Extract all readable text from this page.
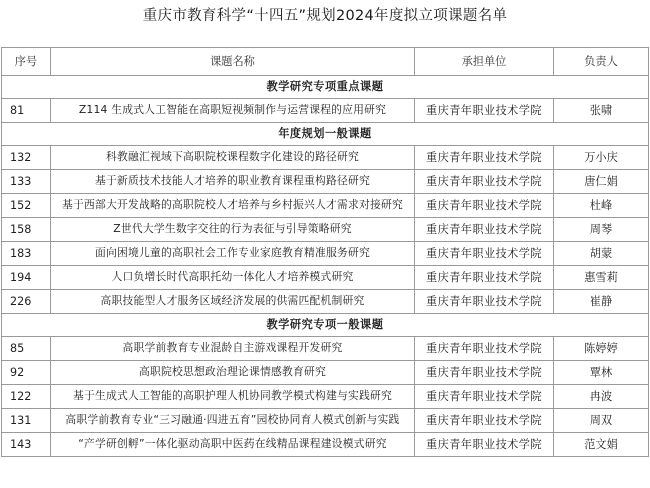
重庆市教育科学“十四五”规划2024年度拟立项课题名单
序号	课题名称	承担单位	负责人
教学研究专项重点课题			
81	Z114 生成式人工智能在高职短视频制作与运营课程的应用研究	重庆青年职业技术学院	张啸
年度规划一般课题			
132	科教融汇视域下高职院校课程数字化建设的路径研究	重庆青年职业技术学院	万小庆
133	基于新质技术技能人才培养的职业教育课程重构路径研究	重庆青年职业技术学院	唐仁娟
152	基于西部大开发战略的高职院校人才培养与乡村振兴人才需求对接研究	重庆青年职业技术学院	杜峰
158	Z世代大学生数字交往的行为表征与引导策略研究	重庆青年职业技术学院	周琴
183	面向困境儿童的高职社会工作专业家庭教育精准服务研究	重庆青年职业技术学院	胡蒙
194	人口负增长时代高职托幼一体化人才培养模式研究	重庆青年职业技术学院	惠雪莉
226	高职技能型人才服务区域经济发展的供需匹配机制研究	重庆青年职业技术学院	崔静
教学研究专项一般课题			
85	高职学前教育专业混龄自主游戏课程开发研究	重庆青年职业技术学院	陈婷婷
92	高职院校思想政治理论课情感教育研究	重庆青年职业技术学院	覃林
122	基于生成式人工智能的高职护理人机协同教学模式构建与实践研究	重庆青年职业技术学院	冉波
131	高职学前教育专业“三习融通·四进五育”园校协同育人模式创新与实践	重庆青年职业技术学院	周双
143	“产学研创孵”一体化驱动高职中医药在线精品课程建设模式研究	重庆青年职业技术学院	范文娟
